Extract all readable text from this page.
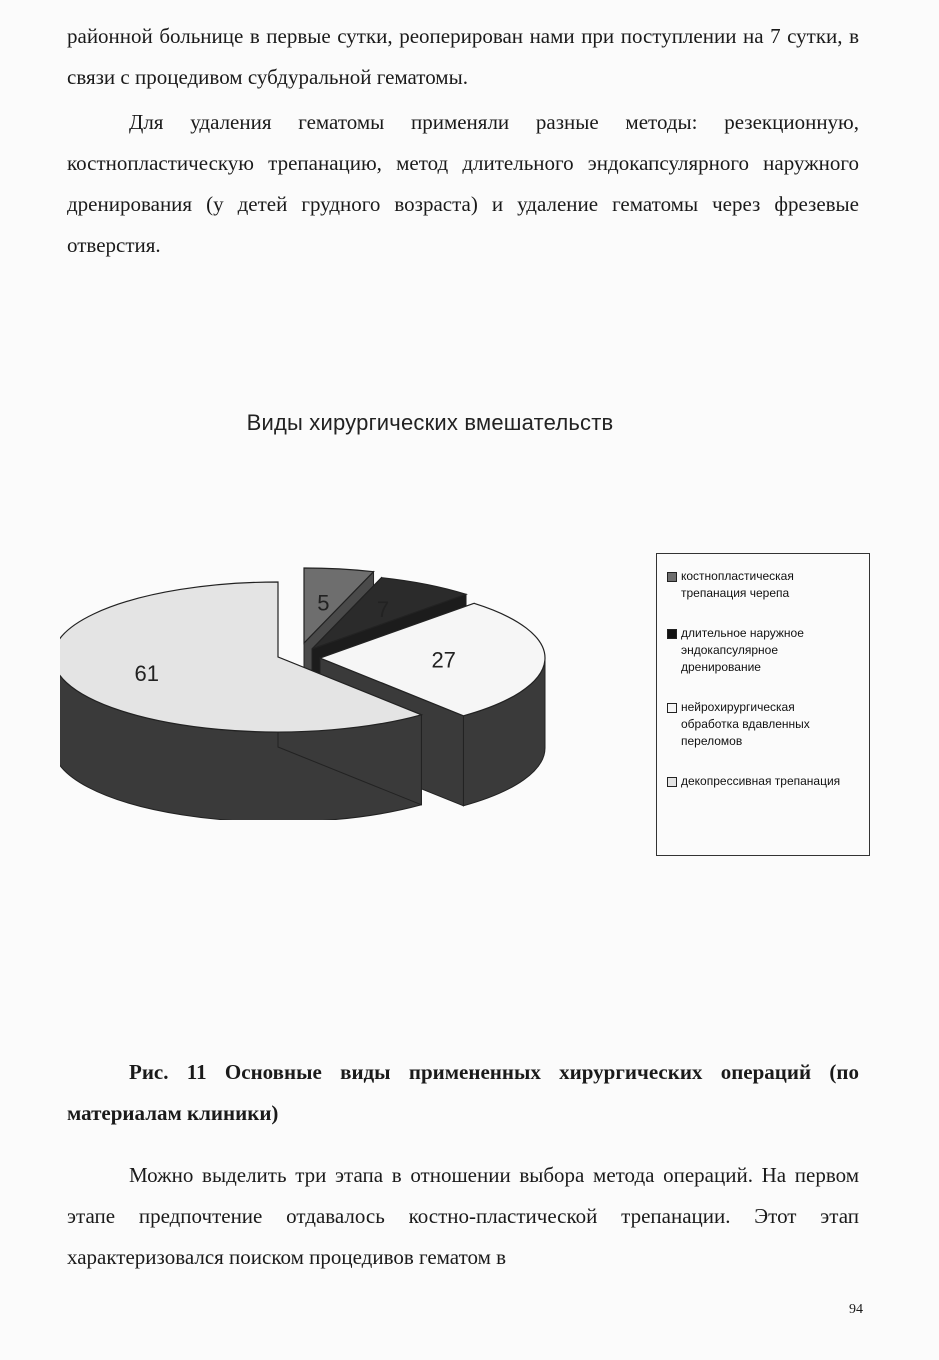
районной больнице в первые сутки, реоперирован нами при поступлении на 7 сутки, в связи с процедивом субдуральной гематомы.

Для удаления гематомы применяли разные методы: резекционную, костнопластическую трепанацию, метод длительного эндокапсулярного наружного дренирования (у детей грудного возраста) и удаление гематомы через фрезевые отверстия.

Виды хирургических вмешательств
5 7
27
61
костнопластическая трепанация черепа
длительное наружное эндокапсулярное дренирование
нейрохирургическая обработка вдавленных переломов
декопрессивная трепанация

Рис. 11 Основные виды примененных хирургических операций (по материалам клиники)

Можно выделить три этапа в отношении выбора метода операций. На первом этапе предпочтение отдавалось костно-пластической трепанации. Этот этап характеризовался поиском процедивов гематом в

94
